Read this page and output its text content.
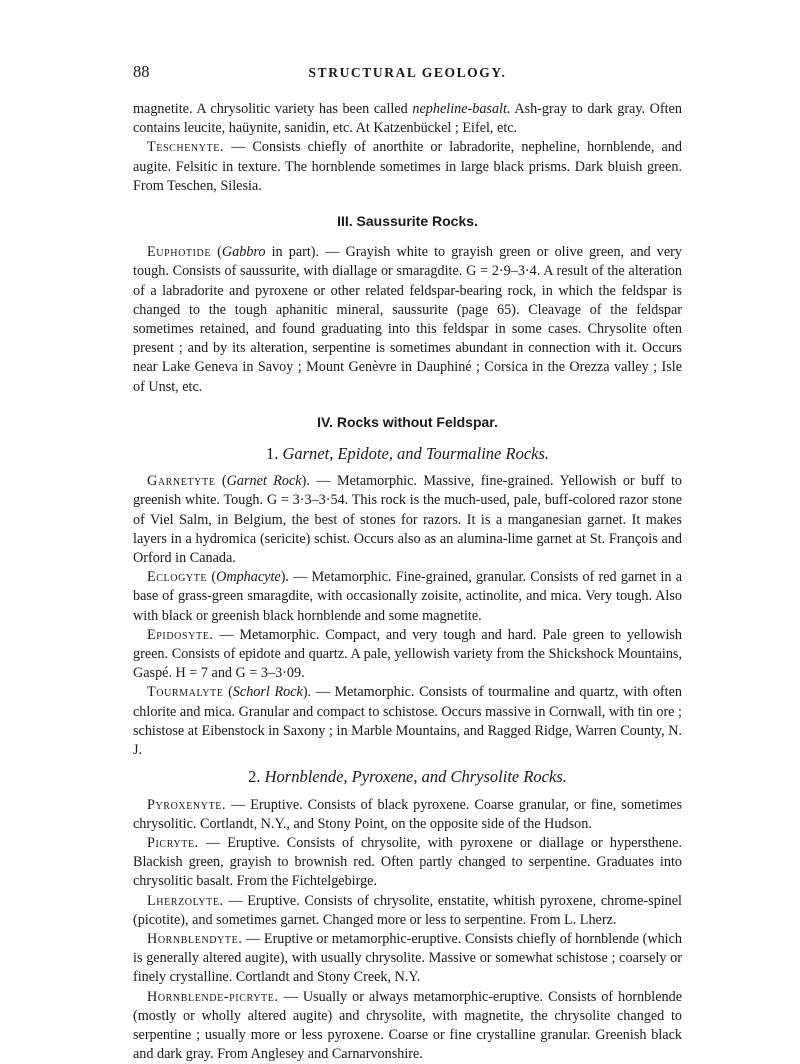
88	STRUCTURAL GEOLOGY.

magnetite. A chrysolitic variety has been called nepheline-basalt. Ash-gray to dark gray. Often contains leucite, haüynite, sanidin, etc. At Katzenbückel ; Eifel, etc.

Teschenyte. — Consists chiefly of anorthite or labradorite, nepheline, hornblende, and augite. Felsitic in texture. The hornblende sometimes in large black prisms. Dark bluish green. From Teschen, Silesia.

III. Saussurite Rocks.

Euphotide (Gabbro in part). — Grayish white to grayish green or olive green, and very tough. Consists of saussurite, with diallage or smaragdite. G = 2·9–3·4. A result of the alteration of a labradorite and pyroxene or other related feldspar-bearing rock, in which the feldspar is changed to the tough aphanitic mineral, saussurite (page 65). Cleavage of the feldspar sometimes retained, and found graduating into this feldspar in some cases. Chrysolite often present ; and by its alteration, serpentine is sometimes abundant in connection with it. Occurs near Lake Geneva in Savoy ; Mount Genèvre in Dauphiné ; Corsica in the Orezza valley ; Isle of Unst, etc.

IV. Rocks without Feldspar.
1. Garnet, Epidote, and Tourmaline Rocks.

Garnetyte (Garnet Rock). — Metamorphic. Massive, fine-grained. Yellowish or buff to greenish white. Tough. G = 3·3–3·54. This rock is the much-used, pale, buff-colored razor stone of Viel Salm, in Belgium, the best of stones for razors. It is a manganesian garnet. It makes layers in a hydromica (sericite) schist. Occurs also as an alumina-lime garnet at St. François and Orford in Canada.

Eclogyte (Omphacyte). — Metamorphic. Fine-grained, granular. Consists of red garnet in a base of grass-green smaragdite, with occasionally zoisite, actinolite, and mica. Very tough. Also with black or greenish black hornblende and some magnetite.

Epidosyte. — Metamorphic. Compact, and very tough and hard. Pale green to yellowish green. Consists of epidote and quartz. A pale, yellowish variety from the Shickshock Mountains, Gaspé. H = 7 and G = 3–3·09.

Tourmalyte (Schorl Rock). — Metamorphic. Consists of tourmaline and quartz, with often chlorite and mica. Granular and compact to schistose. Occurs massive in Cornwall, with tin ore ; schistose at Eibenstock in Saxony ; in Marble Mountains, and Ragged Ridge, Warren County, N. J.

2. Hornblende, Pyroxene, and Chrysolite Rocks.

Pyroxenyte. — Eruptive. Consists of black pyroxene. Coarse granular, or fine, sometimes chrysolitic. Cortlandt, N.Y., and Stony Point, on the opposite side of the Hudson.

Picryte. — Eruptive. Consists of chrysolite, with pyroxene or diallage or hypersthene. Blackish green, grayish to brownish red. Often partly changed to serpentine. Graduates into chrysolitic basalt. From the Fichtelgebirge.

Lherzolyte. — Eruptive. Consists of chrysolite, enstatite, whitish pyroxene, chrome-spinel (picotite), and sometimes garnet. Changed more or less to serpentine. From L. Lherz.

Hornblendyte. — Eruptive or metamorphic-eruptive. Consists chiefly of hornblende (which is generally altered augite), with usually chrysolite. Massive or somewhat schistose ; coarsely or finely crystalline. Cortlandt and Stony Creek, N.Y.

Hornblende-picryte. — Usually or always metamorphic-eruptive. Consists of hornblende (mostly or wholly altered augite) and chrysolite, with magnetite, the chrysolite changed to serpentine ; usually more or less pyroxene. Coarse or fine crystalline granular. Greenish black and dark gray. From Anglesey and Carnarvonshire.
